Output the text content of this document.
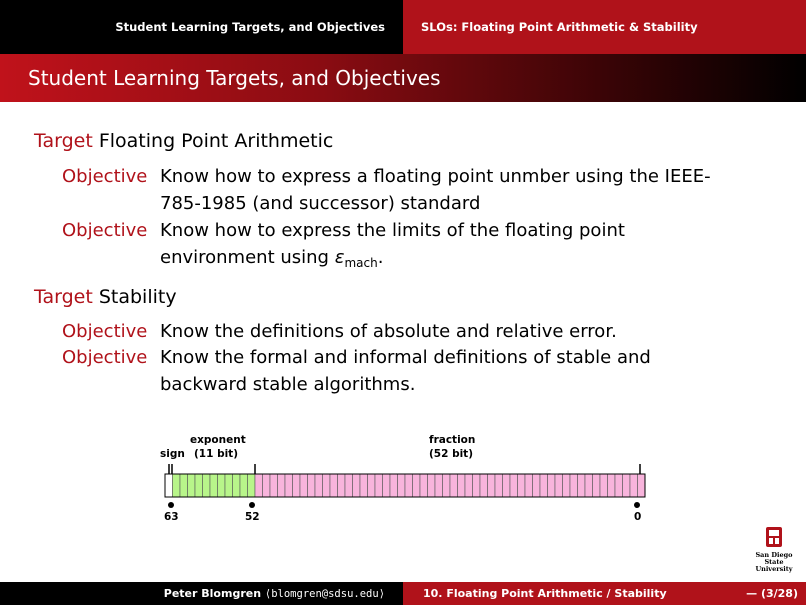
Student Learning Targets, and Objectives	SLOs: Floating Point Arithmetic & Stability
Student Learning Targets, and Objectives
Target Floating Point Arithmetic
Objective Know how to express a floating point unmber using the IEEE-785-1985 (and successor) standard
Objective Know how to express the limits of the floating point environment using $\varepsilon_{mach}$.
Target Stability
Objective Know the definitions of absolute and relative error.
Objective Know the formal and informal definitions of stable and backward stable algorithms.
sign
exponent
(11 bit)
fraction
(52 bit)
63	52	0
San Diego State
University
Peter Blomgren
⟨blomgren@sdsu.edu⟩	10. Floating Point Arithmetic / Stability	— (3/28)
